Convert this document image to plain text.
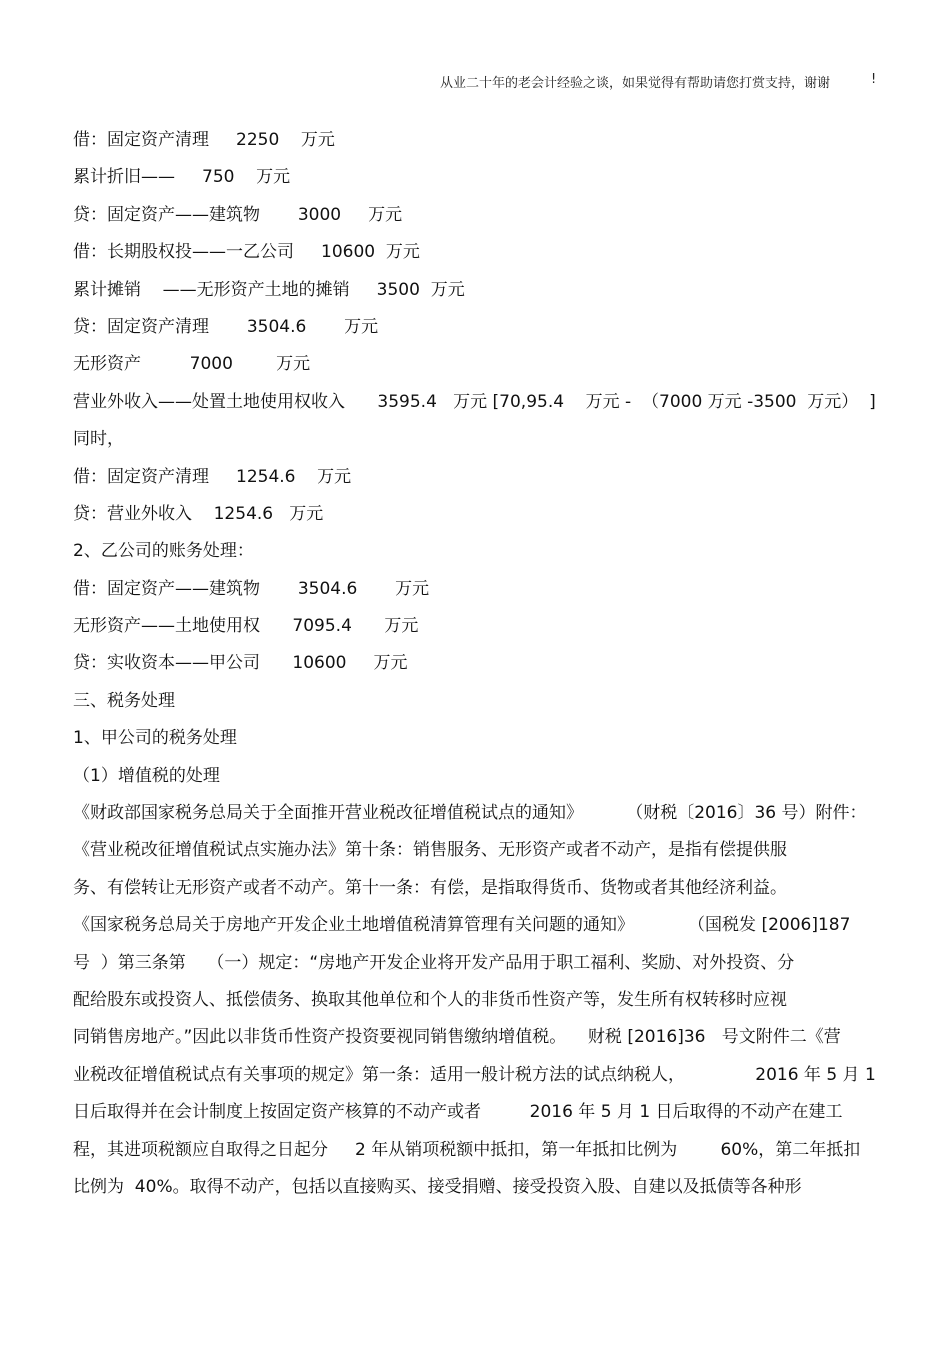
从业二十年的老会计经验之谈，如果觉得有帮助请您打赏支持，谢谢	!
借：固定资产清理     2250    万元
累计折旧——     750    万元
贷：固定资产——建筑物       3000     万元
借：长期股权投——一乙公司     10600  万元
累计摊销    ——无形资产土地的摊销     3500  万元
贷：固定资产清理       3504.6       万元
无形资产         7000        万元
营业外收入——处置土地使用权收入      3595.4   万元 [70,95.4    万元 -  （7000 万元 -3500  万元）  ]
同时，
借：固定资产清理     1254.6    万元
贷：营业外收入    1254.6   万元
2、乙公司的账务处理：
借：固定资产——建筑物       3504.6       万元
无形资产——土地使用权      7095.4      万元
贷：实收资本——甲公司      10600     万元
三、税务处理
1、甲公司的税务处理
（1）增值税的处理
《财政部国家税务总局关于全面推开营业税改征增值税试点的通知》        （财税〔2016〕36 号）附件：
《营业税改征增值税试点实施办法》第十条：销售服务、无形资产或者不动产，是指有偿提供服
务、有偿转让无形资产或者不动产。第十一条：有偿，是指取得货币、货物或者其他经济利益。
《国家税务总局关于房地产开发企业土地增值税清算管理有关问题的通知》          （国税发 [2006]187
号  ）第三条第    （一）规定：“房地产开发企业将开发产品用于职工福利、奖励、对外投资、分
配给股东或投资人、抵偿债务、换取其他单位和个人的非货币性资产等，发生所有权转移时应视
同销售房地产。”因此以非货币性资产投资要视同销售缴纳增值税。    财税 [2016]36   号文附件二《营
业税改征增值税试点有关事项的规定》第一条：适用一般计税方法的试点纳税人，             2016 年 5 月 1
日后取得并在会计制度上按固定资产核算的不动产或者         2016 年 5 月 1 日后取得的不动产在建工
程，其进项税额应自取得之日起分     2 年从销项税额中抵扣，第一年抵扣比例为        60%，第二年抵扣
比例为  40%。取得不动产，包括以直接购买、接受捐赠、接受投资入股、自建以及抵债等各种形
